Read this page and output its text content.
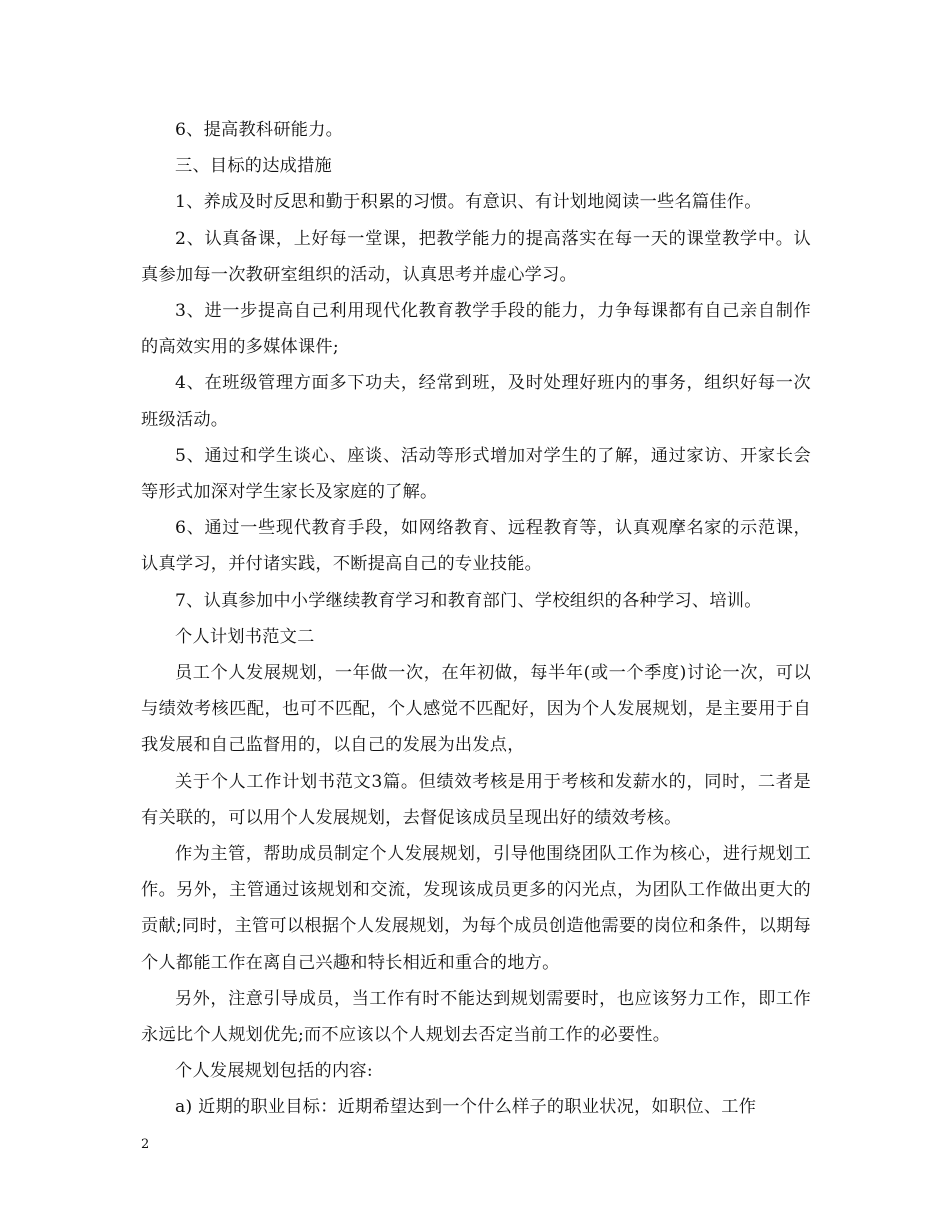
6、提高教科研能力。

三、目标的达成措施

1、养成及时反思和勤于积累的习惯。有意识、有计划地阅读一些名篇佳作。

2、认真备课，上好每一堂课，把教学能力的提高落实在每一天的课堂教学中。认真参加每一次教研室组织的活动，认真思考并虚心学习。

3、进一步提高自己利用现代化教育教学手段的能力，力争每课都有自己亲自制作的高效实用的多媒体课件;

4、在班级管理方面多下功夫，经常到班，及时处理好班内的事务，组织好每一次班级活动。

5、通过和学生谈心、座谈、活动等形式增加对学生的了解，通过家访、开家长会等形式加深对学生家长及家庭的了解。

6、通过一些现代教育手段，如网络教育、远程教育等，认真观摩名家的示范课，认真学习，并付诸实践，不断提高自己的专业技能。

7、认真参加中小学继续教育学习和教育部门、学校组织的各种学习、培训。

个人计划书范文二

员工个人发展规划，一年做一次，在年初做，每半年(或一个季度)讨论一次，可以与绩效考核匹配，也可不匹配，个人感觉不匹配好，因为个人发展规划，是主要用于自我发展和自己监督用的，以自己的发展为出发点，

关于个人工作计划书范文3篇。但绩效考核是用于考核和发薪水的，同时，二者是有关联的，可以用个人发展规划，去督促该成员呈现出好的绩效考核。

作为主管，帮助成员制定个人发展规划，引导他围绕团队工作为核心，进行规划工作。另外，主管通过该规划和交流，发现该成员更多的闪光点，为团队工作做出更大的贡献;同时，主管可以根据个人发展规划，为每个成员创造他需要的岗位和条件，以期每个人都能工作在离自己兴趣和特长相近和重合的地方。

另外，注意引导成员，当工作有时不能达到规划需要时，也应该努力工作，即工作永远比个人规划优先;而不应该以个人规划去否定当前工作的必要性。

个人发展规划包括的内容:

a) 近期的职业目标：近期希望达到一个什么样子的职业状况，如职位、工作

2
